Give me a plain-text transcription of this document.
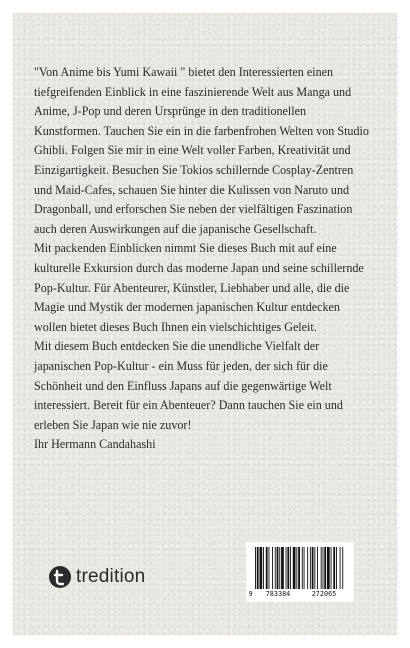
"Von Anime bis Yumi Kawaii " bietet den Interessierten einen tiefgreifenden Einblick in eine faszinierende Welt aus Manga und Anime, J-Pop und deren Ursprünge in den traditionellen Kunstformen. Tauchen Sie ein in die farbenfrohen Welten von Studio Ghibli. Folgen Sie mir in eine Welt voller Farben, Kreativität und Einzigartigkeit. Besuchen Sie Tokios schillernde Cosplay-Zentren und Maid-Cafes, schauen Sie hinter die Kulissen von Naruto und Dragonball, und erforschen Sie neben der vielfältigen Faszination auch deren Auswirkungen auf die japanische Gesellschaft.

Mit packenden Einblicken nimmt Sie dieses Buch mit auf eine kulturelle Exkursion durch das moderne Japan und seine schillernde Pop-Kultur. Für Abenteurer, Künstler, Liebhaber und alle, die die Magie und Mystik der modernen japanischen Kultur entdecken wollen bietet dieses Buch Ihnen ein vielschichtiges Geleit.

Mit diesem Buch entdecken Sie die unendliche Vielfalt der japanischen Pop-Kultur - ein Muss für jeden, der sich für die Schönheit und den Einfluss Japans auf die gegenwärtige Welt interessiert. Bereit für ein Abenteuer? Dann tauchen Sie ein und erleben Sie Japan wie nie zuvor!

Ihr Hermann Candahashi

tredition
9	783384	272065
